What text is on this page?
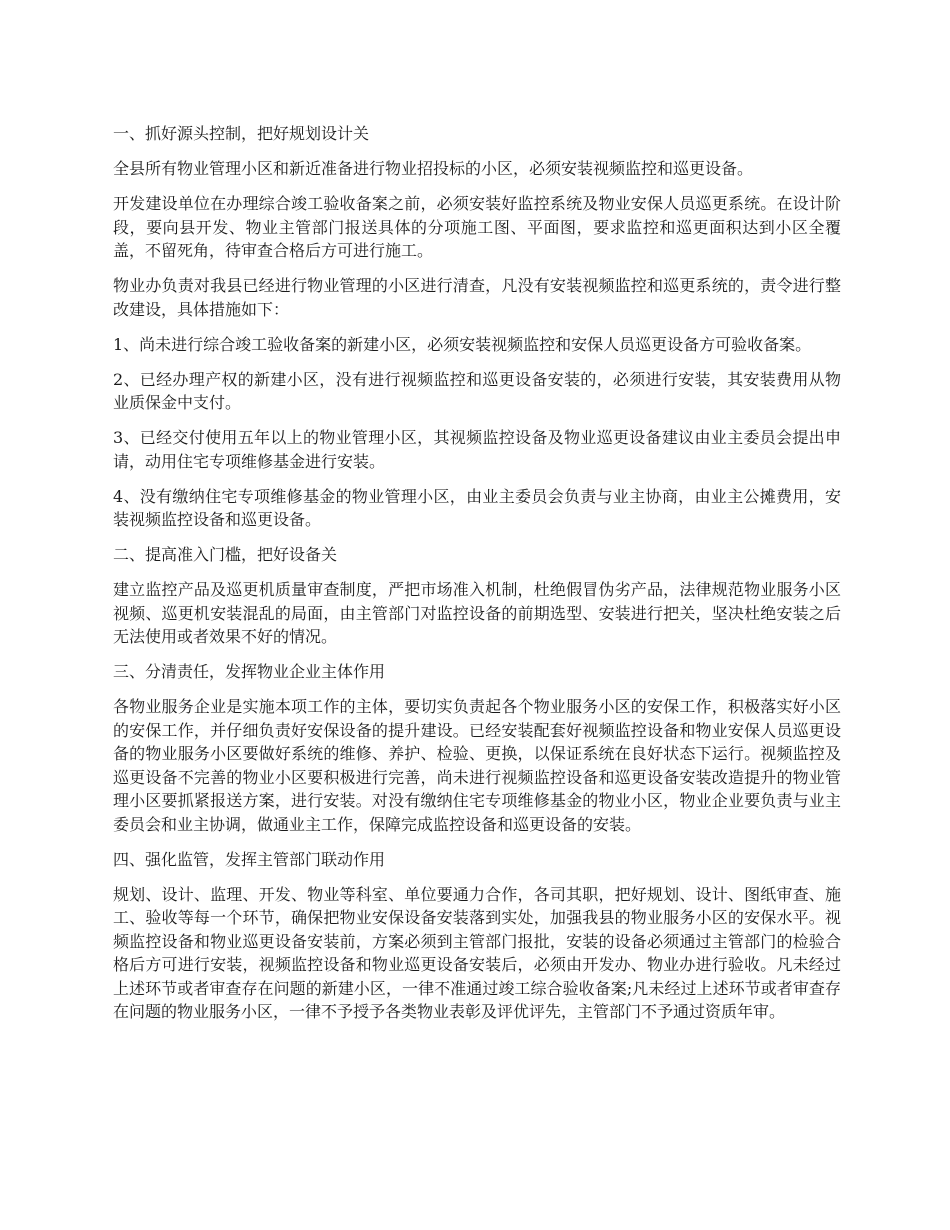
一、抓好源头控制，把好规划设计关

全县所有物业管理小区和新近准备进行物业招投标的小区，必须安装视频监控和巡更设备。

开发建设单位在办理综合竣工验收备案之前，必须安装好监控系统及物业安保人员巡更系统。在设计阶段，要向县开发、物业主管部门报送具体的分项施工图、平面图，要求监控和巡更面积达到小区全覆盖，不留死角，待审查合格后方可进行施工。

物业办负责对我县已经进行物业管理的小区进行清查，凡没有安装视频监控和巡更系统的，责令进行整改建设，具体措施如下：

1、尚未进行综合竣工验收备案的新建小区，必须安装视频监控和安保人员巡更设备方可验收备案。

2、已经办理产权的新建小区，没有进行视频监控和巡更设备安装的，必须进行安装，其安装费用从物业质保金中支付。

3、已经交付使用五年以上的物业管理小区，其视频监控设备及物业巡更设备建议由业主委员会提出申请，动用住宅专项维修基金进行安装。

4、没有缴纳住宅专项维修基金的物业管理小区，由业主委员会负责与业主协商，由业主公摊费用，安装视频监控设备和巡更设备。

二、提高准入门槛，把好设备关

建立监控产品及巡更机质量审查制度，严把市场准入机制，杜绝假冒伪劣产品，法律规范物业服务小区视频、巡更机安装混乱的局面，由主管部门对监控设备的前期选型、安装进行把关，坚决杜绝安装之后无法使用或者效果不好的情况。

三、分清责任，发挥物业企业主体作用

各物业服务企业是实施本项工作的主体，要切实负责起各个物业服务小区的安保工作，积极落实好小区的安保工作，并仔细负责好安保设备的提升建设。已经安装配套好视频监控设备和物业安保人员巡更设备的物业服务小区要做好系统的维修、养护、检验、更换，以保证系统在良好状态下运行。视频监控及巡更设备不完善的物业小区要积极进行完善，尚未进行视频监控设备和巡更设备安装改造提升的物业管理小区要抓紧报送方案，进行安装。对没有缴纳住宅专项维修基金的物业小区，物业企业要负责与业主委员会和业主协调，做通业主工作，保障完成监控设备和巡更设备的安装。

四、强化监管，发挥主管部门联动作用

规划、设计、监理、开发、物业等科室、单位要通力合作，各司其职，把好规划、设计、图纸审查、施工、验收等每一个环节，确保把物业安保设备安装落到实处，加强我县的物业服务小区的安保水平。视频监控设备和物业巡更设备安装前，方案必须到主管部门报批，安装的设备必须通过主管部门的检验合格后方可进行安装，视频监控设备和物业巡更设备安装后，必须由开发办、物业办进行验收。凡未经过上述环节或者审查存在问题的新建小区，一律不准通过竣工综合验收备案;凡未经过上述环节或者审查存在问题的物业服务小区，一律不予授予各类物业表彰及评优评先，主管部门不予通过资质年审。
